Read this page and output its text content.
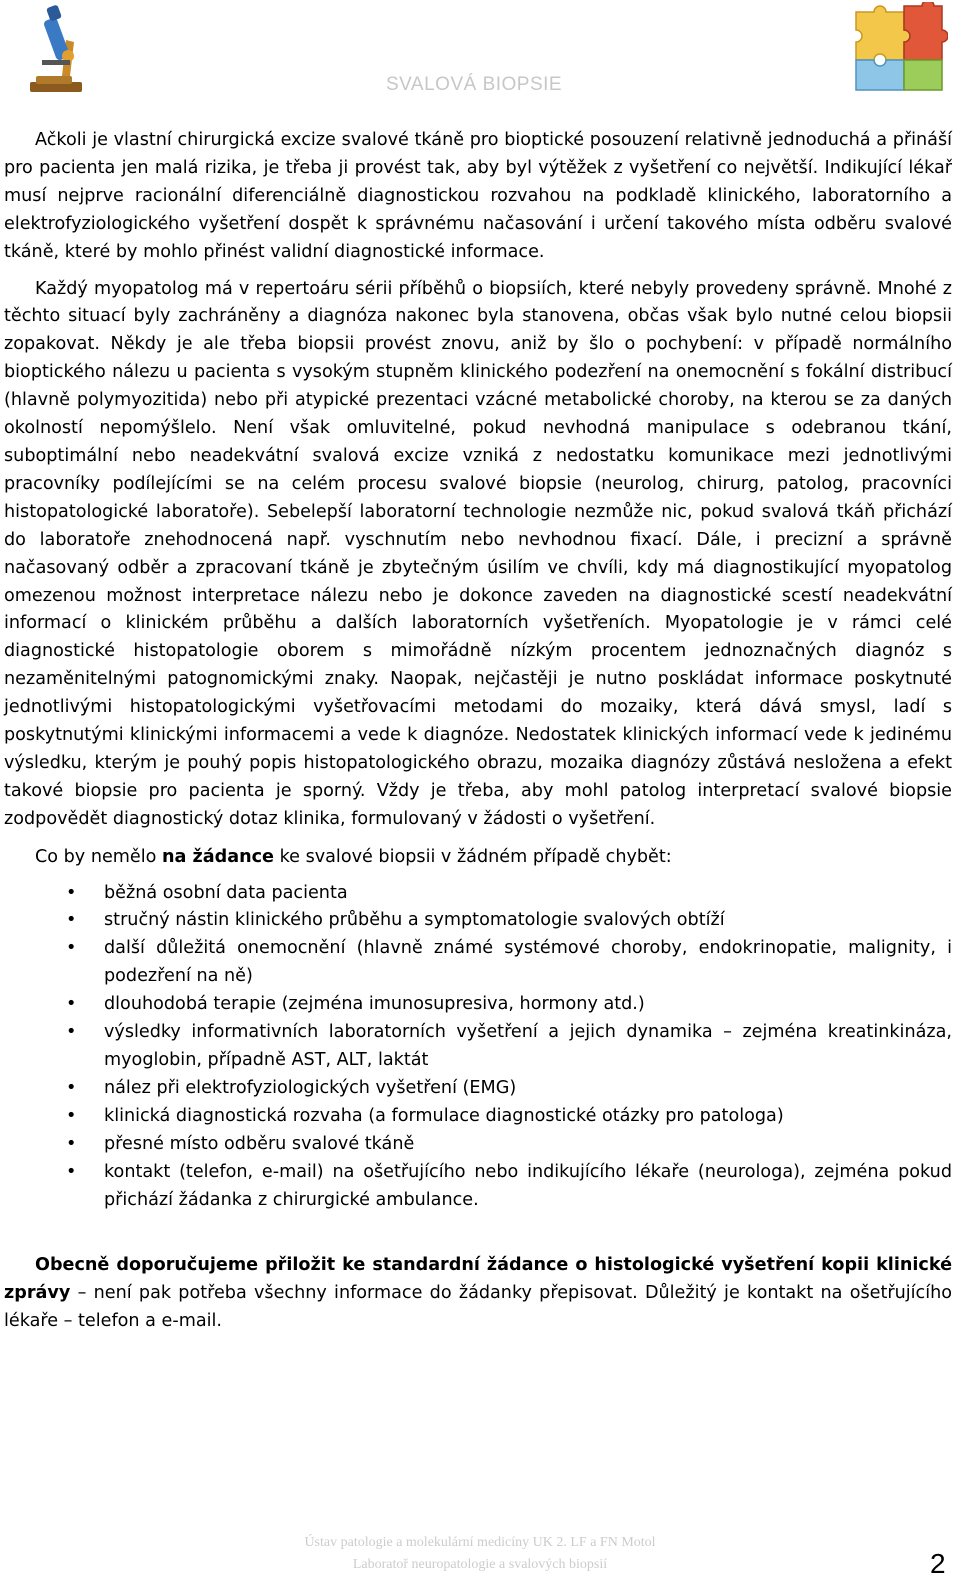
SVALOVÁ BIOPSIE

Ačkoli je vlastní chirurgická excize svalové tkáně pro bioptické posouzení relativně jednoduchá a přináší pro pacienta jen malá rizika, je třeba ji provést tak, aby byl výtěžek z vyšetření co největší. Indikující lékař musí nejprve racionální diferenciálně diagnostickou rozvahou na podkladě klinického, laboratorního a elektrofyziologického vyšetření dospět k správnému načasování i určení takového místa odběru svalové tkáně, které by mohlo přinést validní diagnostické informace.

Každý myopatolog má v repertoáru sérii příběhů o biopsiích, které nebyly provedeny správně. Mnohé z těchto situací byly zachráněny a diagnóza nakonec byla stanovena, občas však bylo nutné celou biopsii zopakovat. Někdy je ale třeba biopsii provést znovu, aniž by šlo o pochybení: v případě normálního bioptického nálezu u pacienta s vysokým stupněm klinického podezření na onemocnění s fokální distribucí (hlavně polymyozitida) nebo při atypické prezentaci vzácné metabolické choroby, na kterou se za daných okolností nepomýšlelo. Není však omluvitelné, pokud nevhodná manipulace s odebranou tkání, suboptimální nebo neadekvátní svalová excize vzniká z nedostatku komunikace mezi jednotlivými pracovníky podílejícími se na celém procesu svalové biopsie (neurolog, chirurg, patolog, pracovníci histopatologické laboratoře). Sebelepší laboratorní technologie nezmůže nic, pokud svalová tkáň přichází do laboratoře znehodnocená např. vyschnutím nebo nevhodnou fixací. Dále, i precizní a správně načasovaný odběr a zpracovaní tkáně je zbytečným úsilím ve chvíli, kdy má diagnostikující myopatolog omezenou možnost interpretace nálezu nebo je dokonce zaveden na diagnostické scestí neadekvátní informací o klinickém průběhu a dalších laboratorních vyšetřeních. Myopatologie je v rámci celé diagnostické histopatologie oborem s mimořádně nízkým procentem jednoznačných diagnóz s nezaměnitelnými patognomickými znaky. Naopak, nejčastěji je nutno poskládat informace poskytnuté jednotlivými histopatologickými vyšetřovacími metodami do mozaiky, která dává smysl, ladí s poskytnutými klinickými informacemi a vede k diagnóze. Nedostatek klinických informací vede k jedinému výsledku, kterým je pouhý popis histopatologického obrazu, mozaika diagnózy zůstává nesložena a efekt takové biopsie pro pacienta je sporný. Vždy je třeba, aby mohl patolog interpretací svalové biopsie zodpovědět diagnostický dotaz klinika, formulovaný v žádosti o vyšetření.

Co by nemělo na žádance ke svalové biopsii v žádném případě chybět:

• běžná osobní data pacienta
• stručný nástin klinického průběhu a symptomatologie svalových obtíží
• další důležitá onemocnění (hlavně známé systémové choroby, endokrinopatie, malignity, i podezření na ně)
• dlouhodobá terapie (zejména imunosupresiva, hormony atd.)
• výsledky informativních laboratorních vyšetření a jejich dynamika – zejména kreatinkináza, myoglobin, případně AST, ALT, laktát
• nález při elektrofyziologických vyšetření (EMG)
• klinická diagnostická rozvaha (a formulace diagnostické otázky pro patologa)
• přesné místo odběru svalové tkáně
• kontakt (telefon, e-mail) na ošetřujícího nebo indikujícího lékaře (neurologa), zejména pokud přichází žádanka z chirurgické ambulance.

Obecně doporučujeme přiložit ke standardní žádance o histologické vyšetření kopii klinické zprávy – není pak potřeba všechny informace do žádanky přepisovat. Důležitý je kontakt na ošetřujícího lékaře – telefon a e-mail.

Ústav patologie a molekulární medicíny UK 2. LF a FN Motol
Laboratoř neuropatologie a svalových biopsií	2
